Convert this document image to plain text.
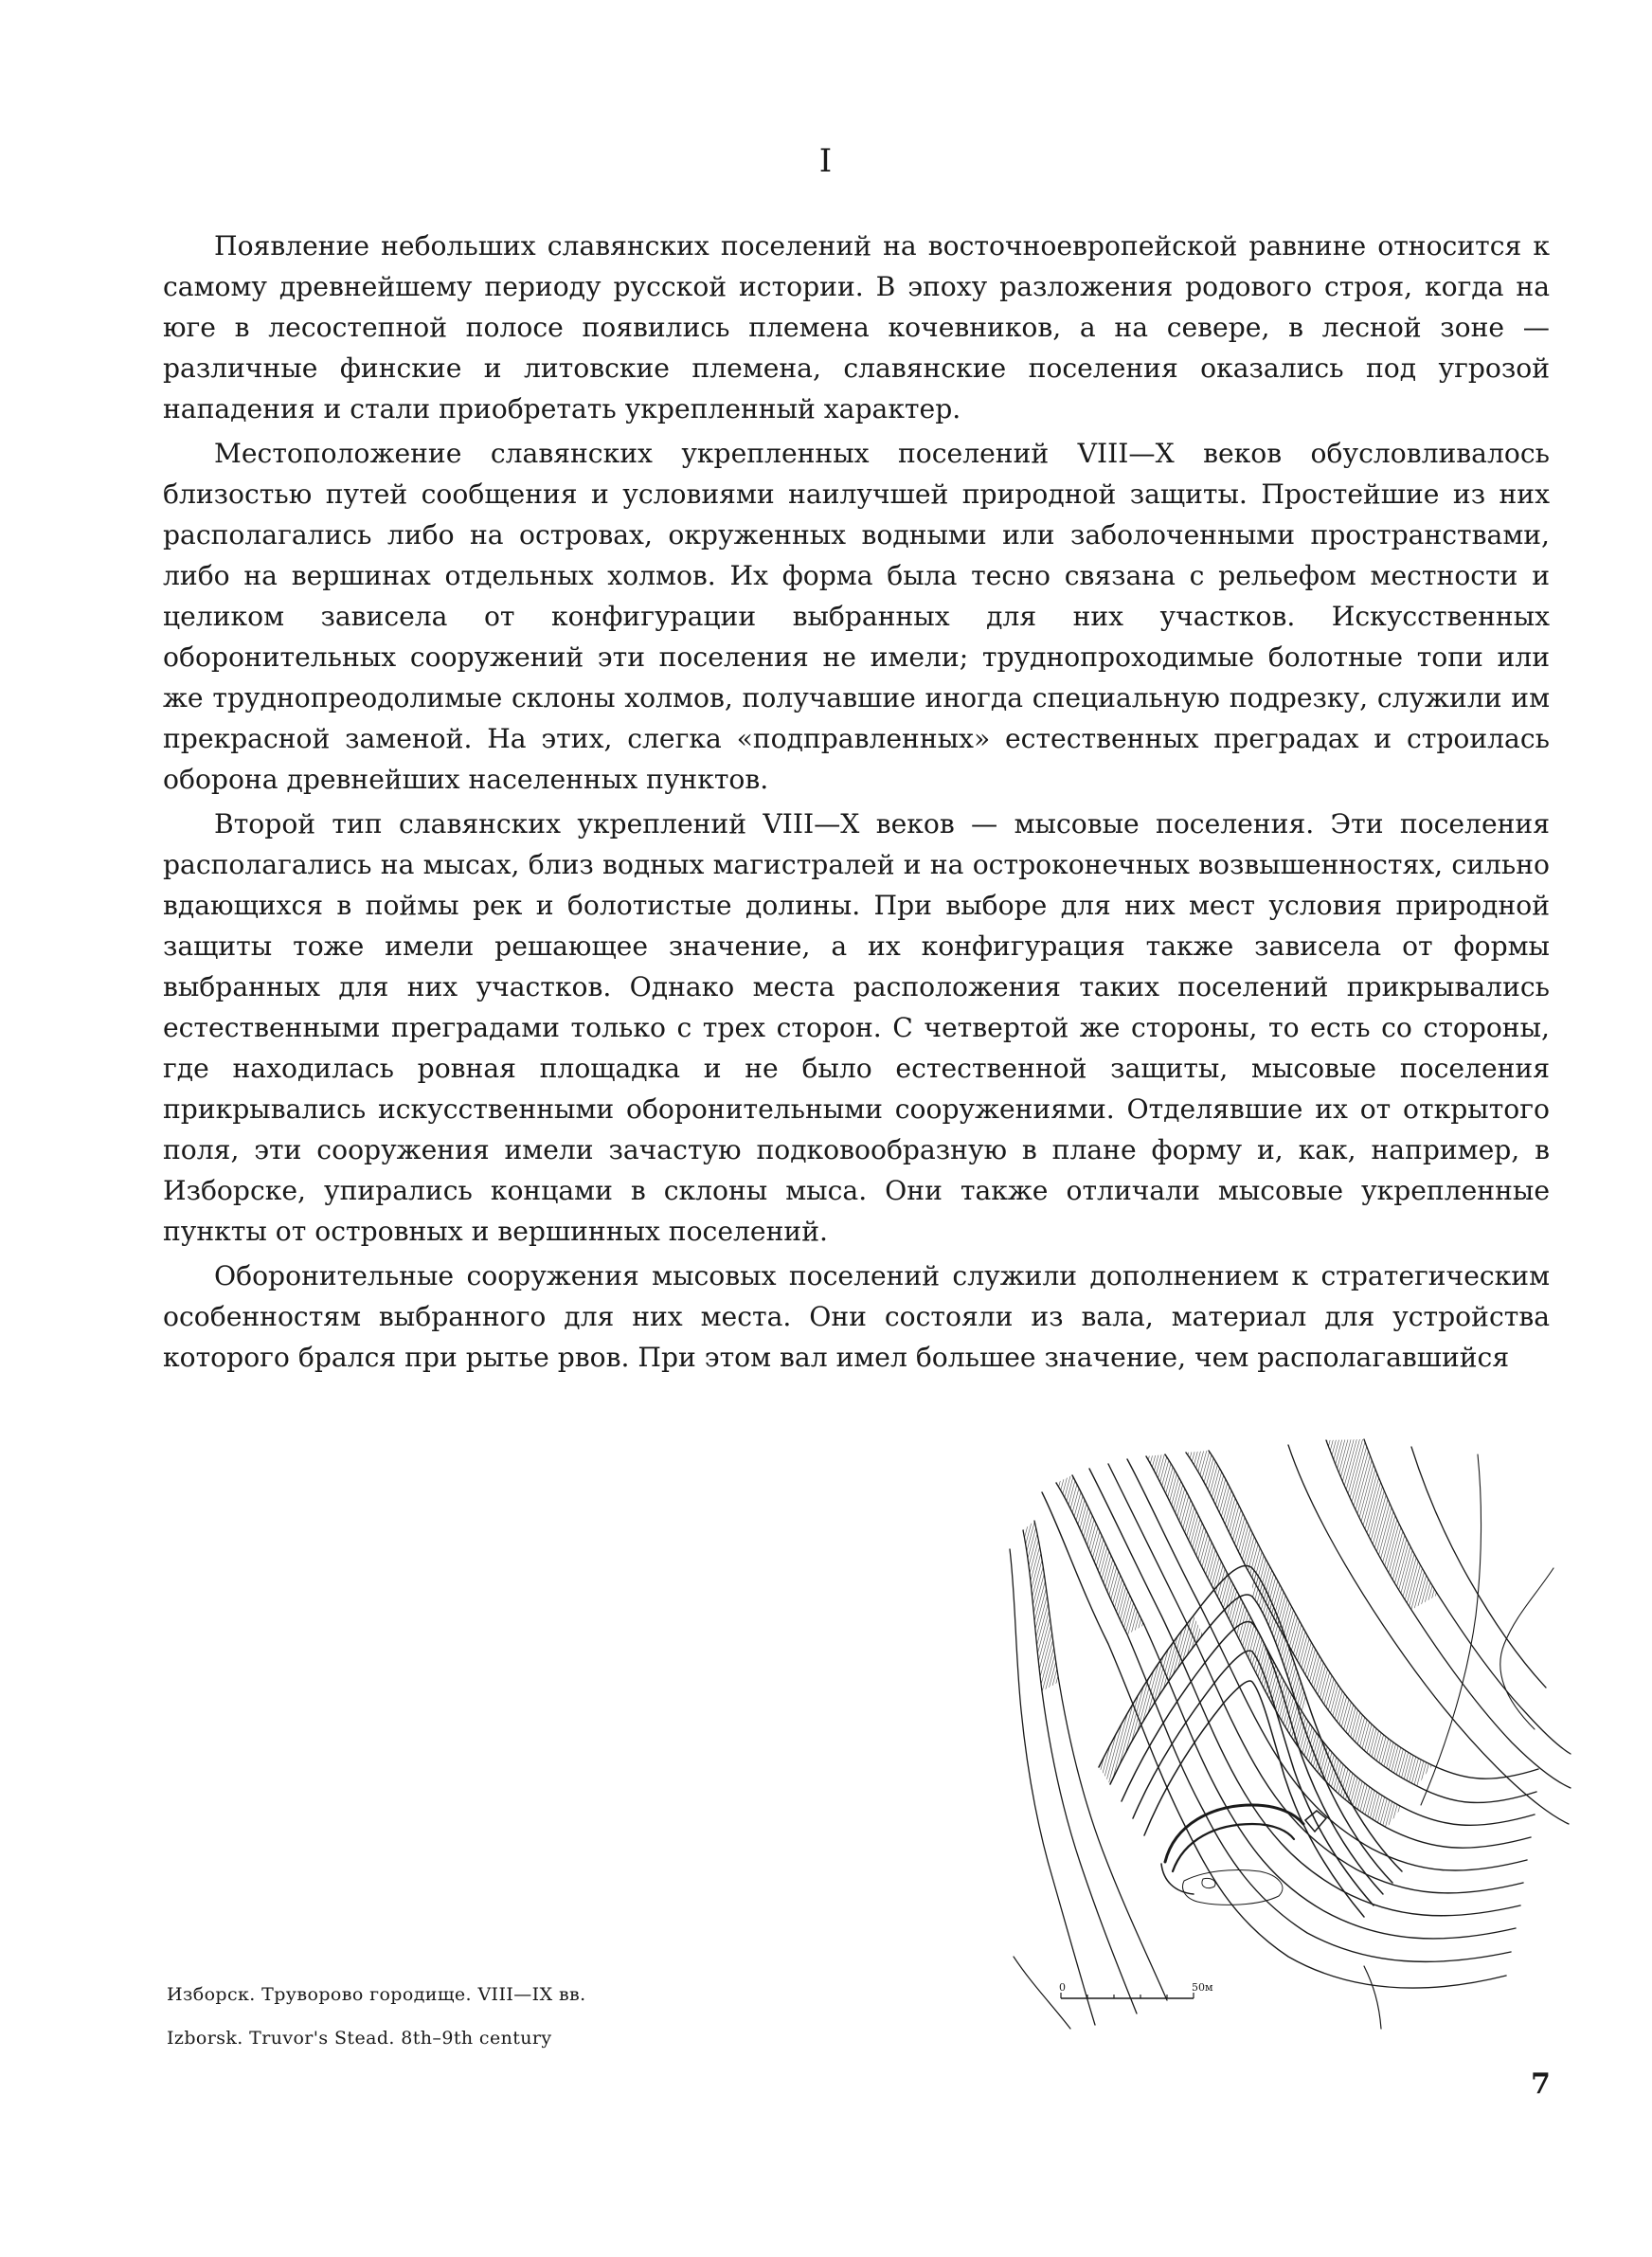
I

Появление небольших славянских поселений на восточноевропейской равнине относится к самому древнейшему периоду русской истории. В эпоху разложения родового строя, когда на юге в лесостепной полосе появились племена кочевников, а на севере, в лесной зоне — различные финские и литовские племена, славянские поселения оказались под угрозой нападения и стали приобретать укрепленный характер.

Местоположение славянских укрепленных поселений VIII—X веков обусловливалось близостью путей сообщения и условиями наилучшей природной защиты. Простейшие из них располагались либо на островах, окруженных водными или заболоченными пространствами, либо на вершинах отдельных холмов. Их форма была тесно связана с рельефом местности и целиком зависела от конфигурации выбранных для них участков. Искусственных оборонительных сооружений эти поселения не имели; труднопроходимые болотные топи или же труднопреодолимые склоны холмов, получавшие иногда специальную подрезку, служили им прекрасной заменой. На этих, слегка «подправленных» естественных преградах и строилась оборона древнейших населенных пунктов.

Второй тип славянских укреплений VIII—X веков — мысовые поселения. Эти поселения располагались на мысах, близ водных магистралей и на остроконечных возвышенностях, сильно вдающихся в поймы рек и болотистые долины. При выборе для них мест условия природной защиты тоже имели решающее значение, а их конфигурация также зависела от формы выбранных для них участков. Однако места расположения таких поселений прикрывались естественными преградами только с трех сторон. С четвертой же стороны, то есть со стороны, где находилась ровная площадка и не было естественной защиты, мысовые поселения прикрывались искусственными оборонительными сооружениями. Отделявшие их от открытого поля, эти сооружения имели зачастую подковообразную в плане форму и, как, например, в Изборске, упирались концами в склоны мыса. Они также отличали мысовые укрепленные пункты от островных и вершинных поселений.

Оборонительные сооружения мысовых поселений служили дополнением к стратегическим особенностям выбранного для них места. Они состояли из вала, материал для устройства которого брался при рытье рвов. При этом вал имел большее значение, чем располагавшийся

0	50м
Изборск. Труворово городище. VIII—IX вв.
Izborsk. Truvor's Stead. 8th–9th century
7
